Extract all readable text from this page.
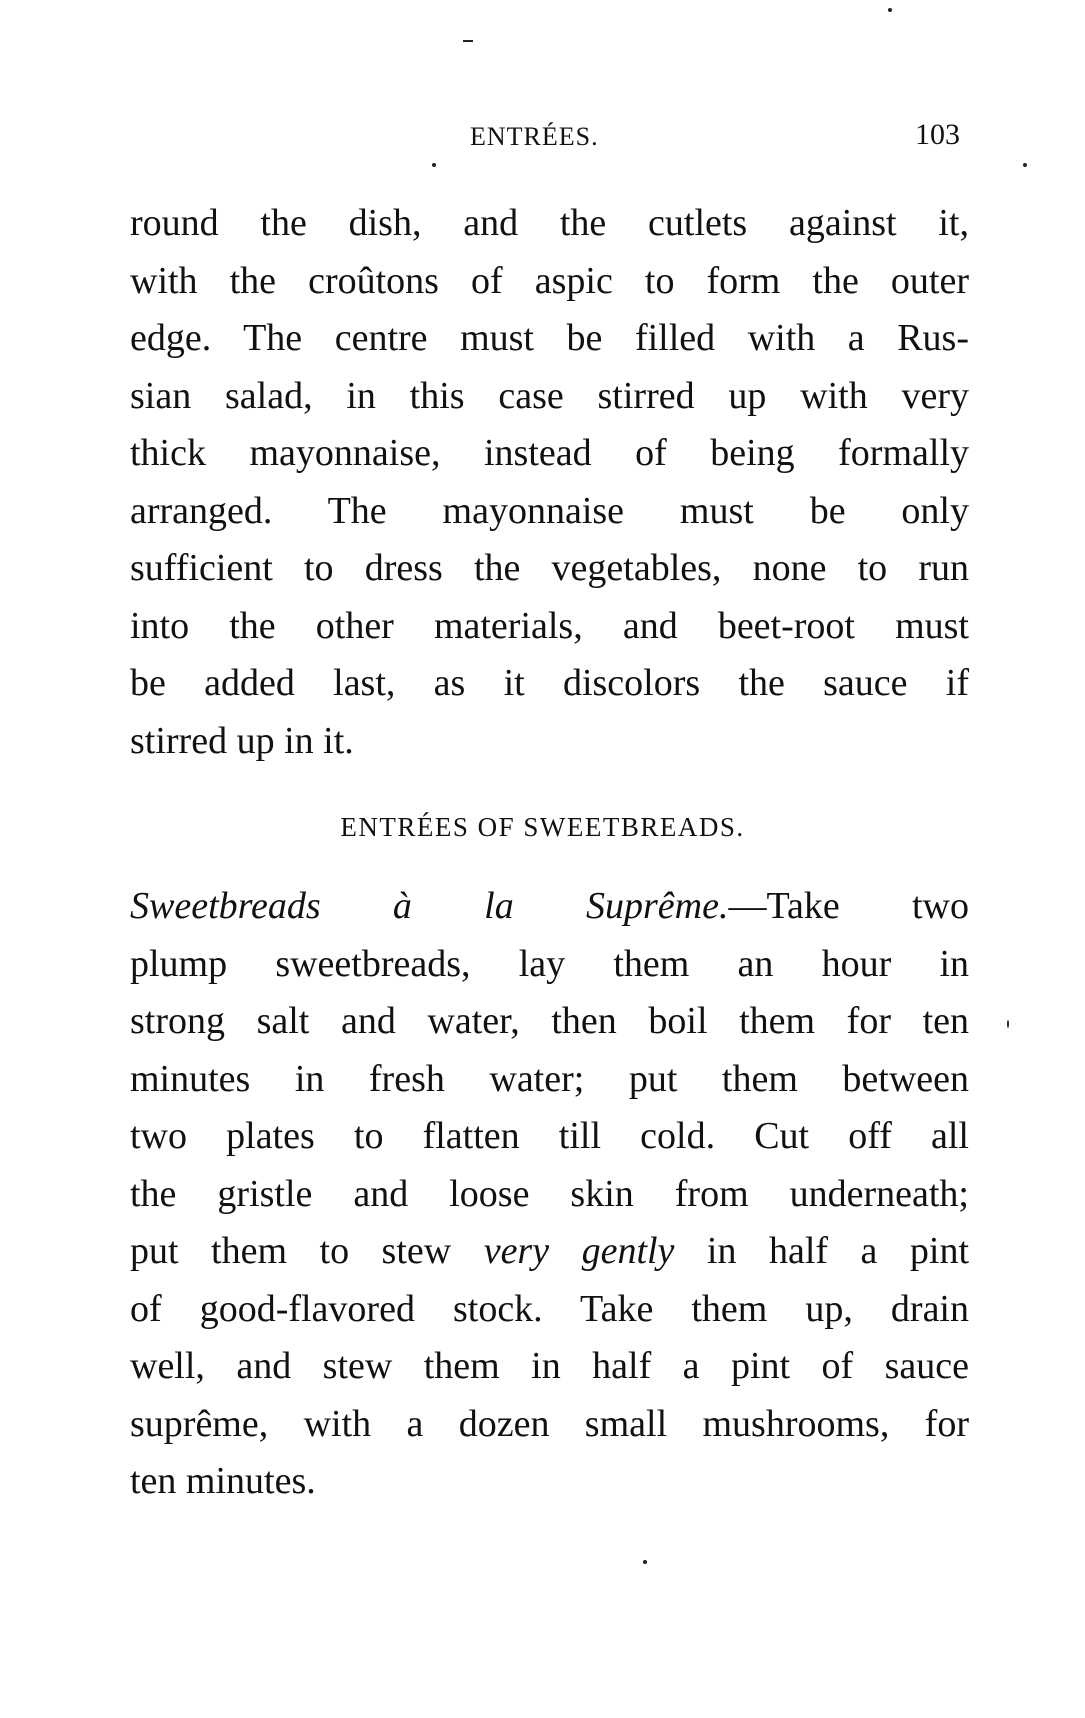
ENTRÉES.	103
round the dish, and the cutlets against it,
with the croûtons of aspic to form the outer
edge. The centre must be filled with a Rus-
sian salad, in this case stirred up with very
thick mayonnaise, instead of being formally
arranged. The mayonnaise must be only
sufficient to dress the vegetables, none to run
into the other materials, and beet-root must
be added last, as it discolors the sauce if
stirred up in it.
ENTRÉES OF SWEETBREADS.
Sweetbreads à la Suprême.—Take two
plump sweetbreads, lay them an hour in
strong salt and water, then boil them for ten
minutes in fresh water; put them between
two plates to flatten till cold. Cut off all
the gristle and loose skin from underneath;
put them to stew very gently in half a pint
of good-flavored stock. Take them up, drain
well, and stew them in half a pint of sauce
suprême, with a dozen small mushrooms, for
ten minutes.
